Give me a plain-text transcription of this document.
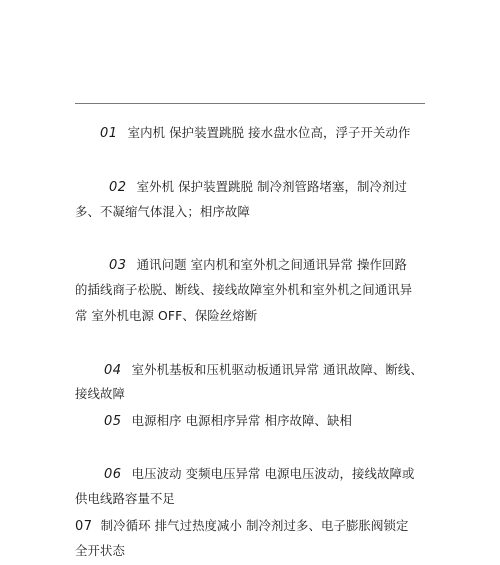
01 室内机 保护装置跳脱 接水盘水位高，浮子开关动作
02 室外机 保护装置跳脱 制冷剂管路堵塞，制冷剂过
多、不凝缩气体混入；相序故障
03 通讯问题 室内机和室外机之间通讯异常 操作回路
的插线商子松脱、断线、接线故障室外机和室外机之间通讯异
常 室外机电源 OFF、保险丝熔断
04 室外机基板和压机驱动板通讯异常 通讯故障、断线、
接线故障
05 电源相序 电源相序异常 相序故障、缺相
06 电压波动 变频电压异常 电源电压波动，接线故障或
供电线路容量不足
07 制冷循环 排气过热度减小 制冷剂过多、电子膨胀阀锁定
全开状态
